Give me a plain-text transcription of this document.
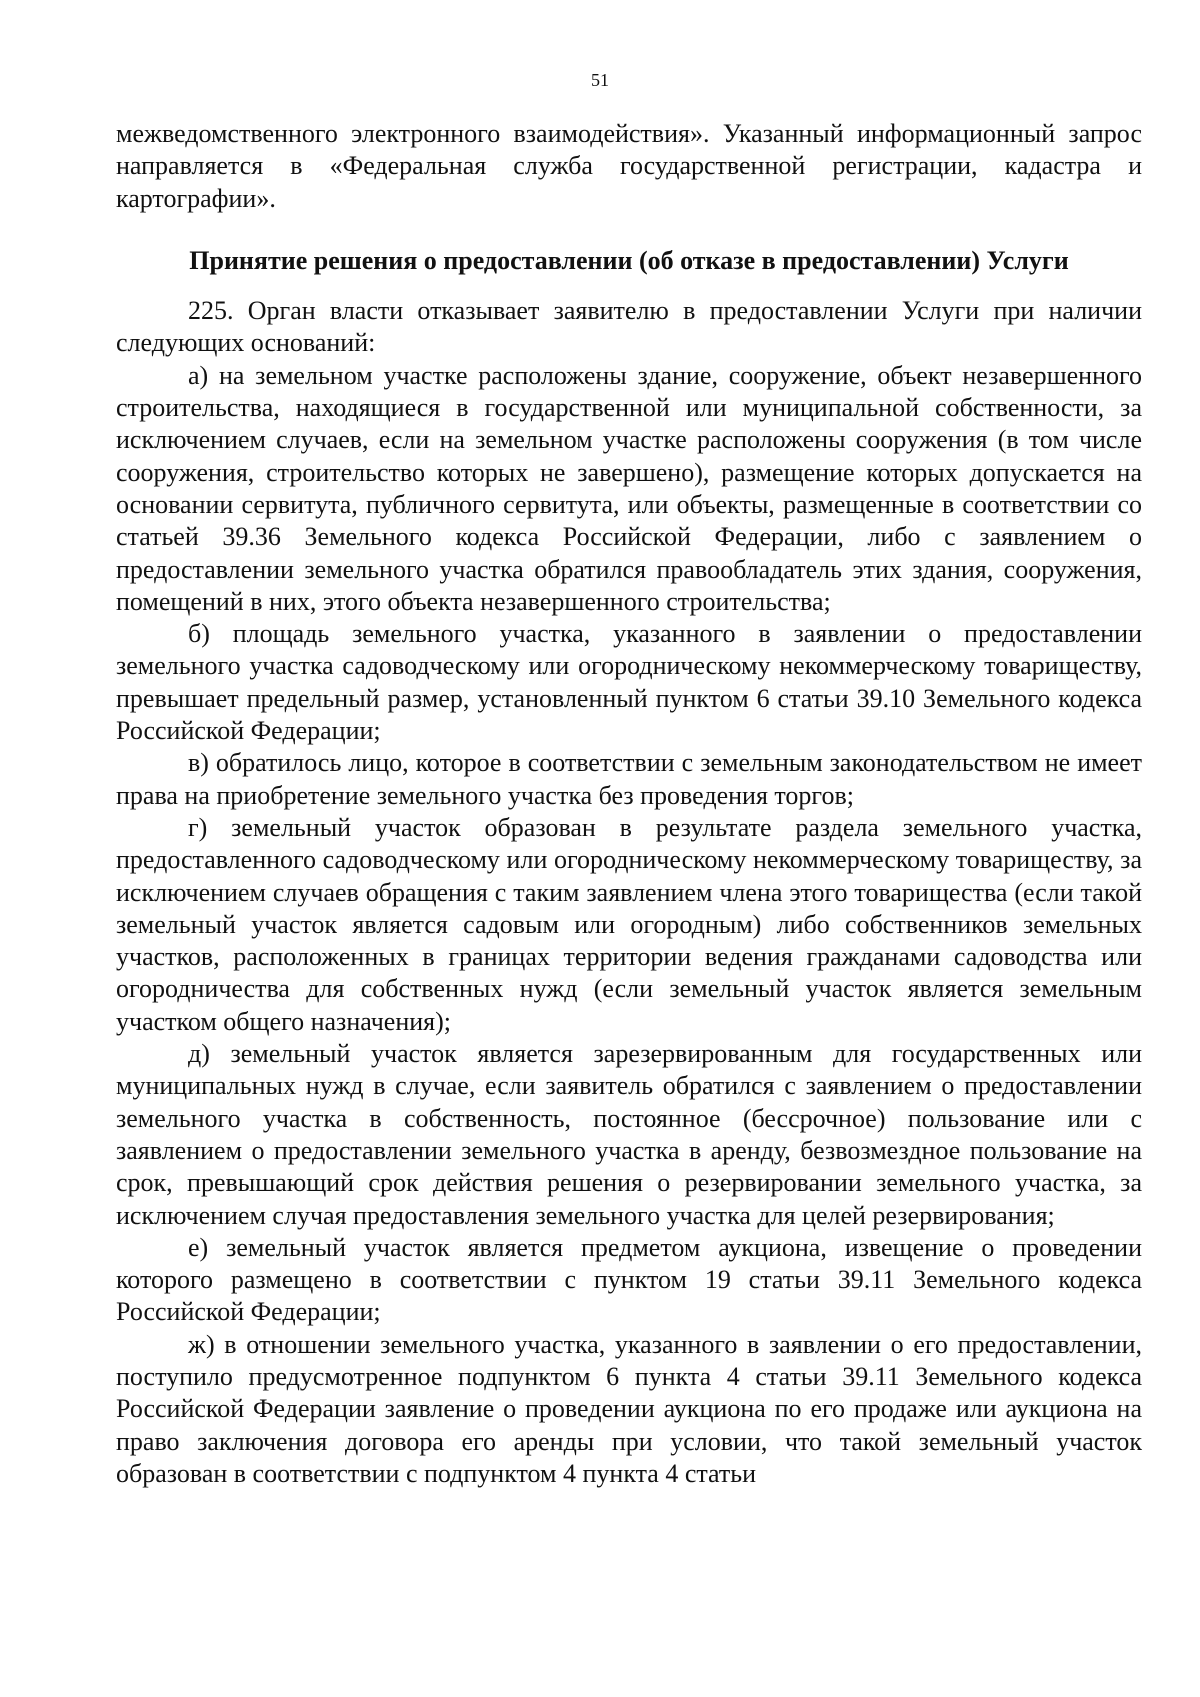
51

межведомственного электронного взаимодействия». Указанный информационный запрос направляется в «Федеральная служба государственной регистрации, кадастра и картографии».

Принятие решения о предоставлении (об отказе в предоставлении) Услуги

225. Орган власти отказывает заявителю в предоставлении Услуги при наличии следующих оснований:

а) на земельном участке расположены здание, сооружение, объект незавершенного строительства, находящиеся в государственной или муниципальной собственности, за исключением случаев, если на земельном участке расположены сооружения (в том числе сооружения, строительство которых не завершено), размещение которых допускается на основании сервитута, публичного сервитута, или объекты, размещенные в соответствии со статьей 39.36 Земельного кодекса Российской Федерации, либо с заявлением о предоставлении земельного участка обратился правообладатель этих здания, сооружения, помещений в них, этого объекта незавершенного строительства;

б) площадь земельного участка, указанного в заявлении о предоставлении земельного участка садоводческому или огородническому некоммерческому товариществу, превышает предельный размер, установленный пунктом 6 статьи 39.10 Земельного кодекса Российской Федерации;

в) обратилось лицо, которое в соответствии с земельным законодательством не имеет права на приобретение земельного участка без проведения торгов;

г) земельный участок образован в результате раздела земельного участка, предоставленного садоводческому или огородническому некоммерческому товариществу, за исключением случаев обращения с таким заявлением члена этого товарищества (если такой земельный участок является садовым или огородным) либо собственников земельных участков, расположенных в границах территории ведения гражданами садоводства или огородничества для собственных нужд (если земельный участок является земельным участком общего назначения);

д) земельный участок является зарезервированным для государственных или муниципальных нужд в случае, если заявитель обратился с заявлением о предоставлении земельного участка в собственность, постоянное (бессрочное) пользование или с заявлением о предоставлении земельного участка в аренду, безвозмездное пользование на срок, превышающий срок действия решения о резервировании земельного участка, за исключением случая предоставления земельного участка для целей резервирования;

е) земельный участок является предметом аукциона, извещение о проведении которого размещено в соответствии с пунктом 19 статьи 39.11 Земельного кодекса Российской Федерации;

ж) в отношении земельного участка, указанного в заявлении о его предоставлении, поступило предусмотренное подпунктом 6 пункта 4 статьи 39.11 Земельного кодекса Российской Федерации заявление о проведении аукциона по его продаже или аукциона на право заключения договора его аренды при условии, что такой земельный участок образован в соответствии с подпунктом 4 пункта 4 статьи
